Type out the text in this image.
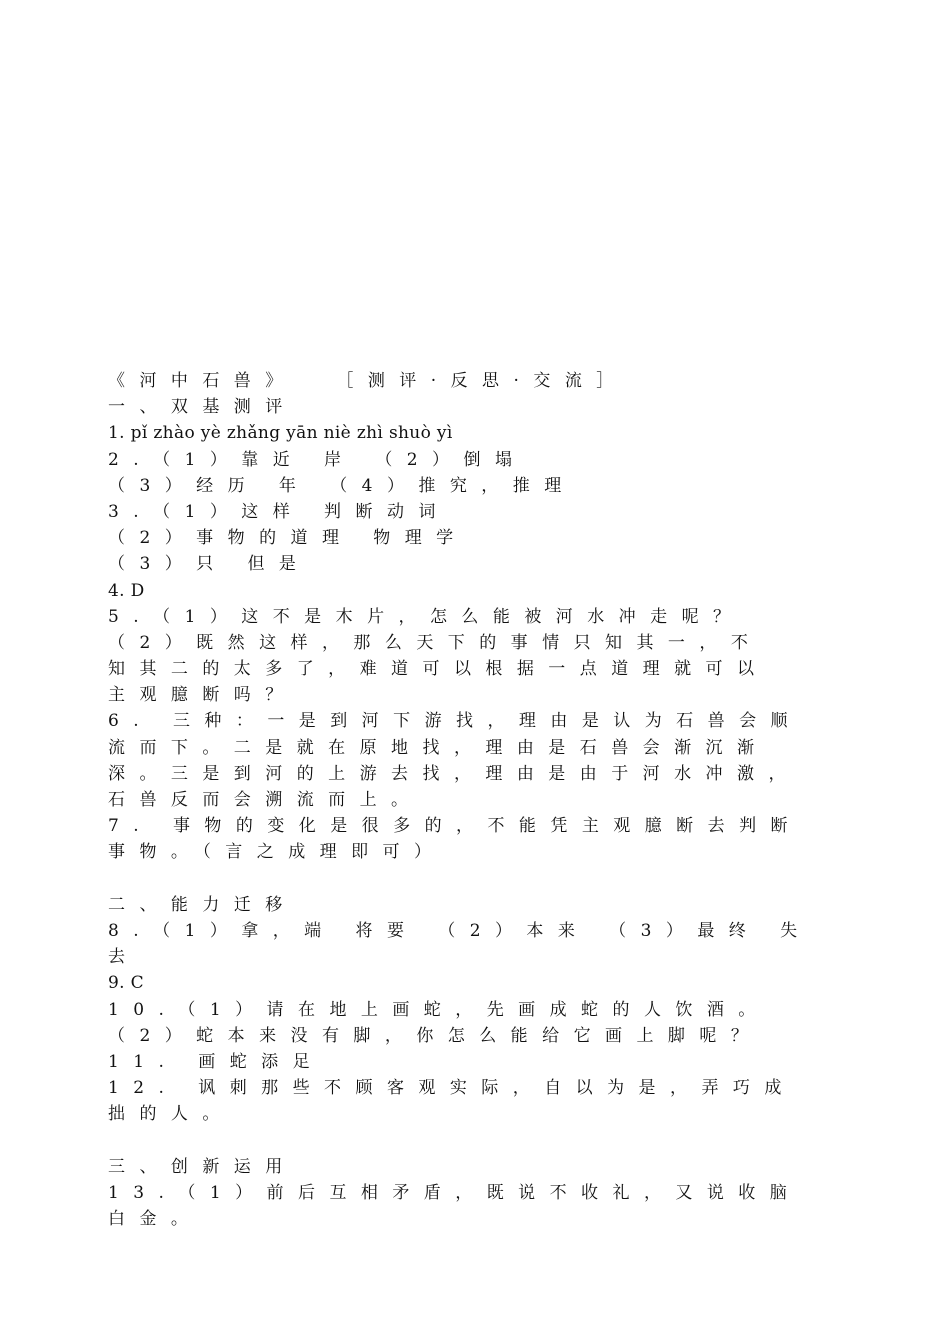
《河中石兽》  ［测评·反思·交流］
一、双基测评
1. pǐ zhào yè zhǎng yān niè zhì shuò yì
2.（1）靠近 岸 （2）倒塌
（3）经历 年 （4）推究，推理
3.（1）这样 判断动词
（2）事物的道理 物理学
（3）只 但是
4. D
5.（1）这不是木片，怎么能被河水冲走呢？
（2）既然这样，那么天下的事情只知其一，不
知其二的太多了，难道可以根据一点道理就可以
主观臆断吗？
6. 三种：一是到河下游找，理由是认为石兽会顺
流而下。二是就在原地找，理由是石兽会渐沉渐
深。三是到河的上游去找，理由是由于河水冲激，
石兽反而会溯流而上。
7. 事物的变化是很多的，不能凭主观臆断去判断
事物。（言之成理即可）
二、能力迁移
8.（1）拿，端 将要 （2）本来 （3）最终 失
去
9. C
10.（1）请在地上画蛇，先画成蛇的人饮酒。
（2）蛇本来没有脚，你怎么能给它画上脚呢？
11. 画蛇添足
12. 讽刺那些不顾客观实际，自以为是，弄巧成
拙的人。
三、创新运用
13.（1）前后互相矛盾，既说不收礼，又说收脑
白金。
